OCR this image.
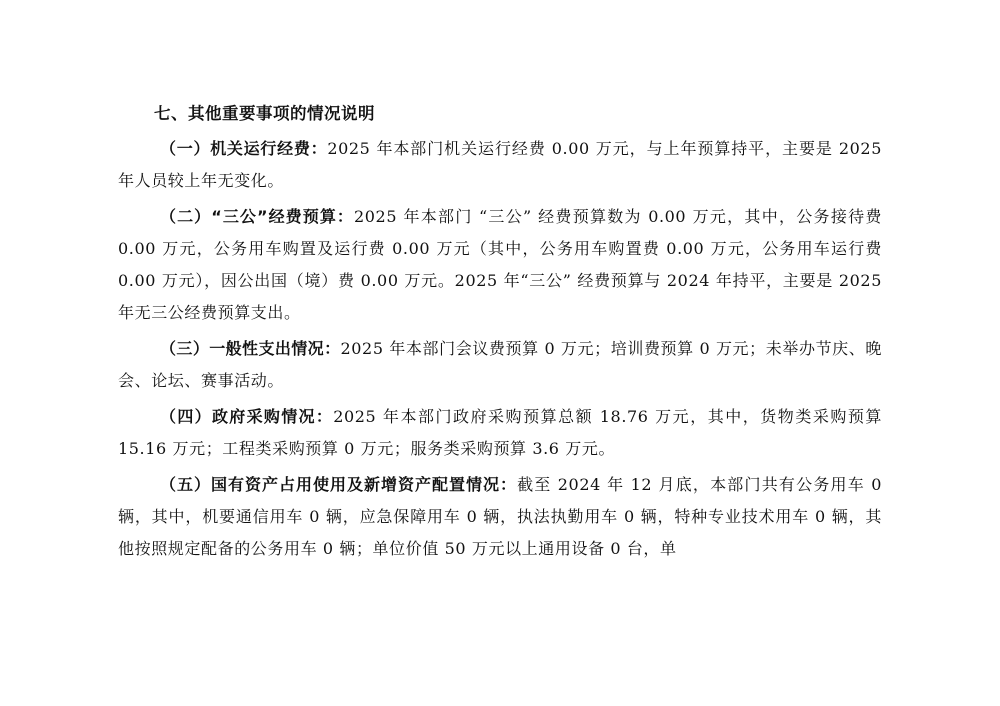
七、其他重要事项的情况说明

（一）机关运行经费：2025 年本部门机关运行经费 0.00 万元，与上年预算持平，主要是 2025 年人员较上年无变化。

（二）“三公”经费预算：2025 年本部门 “三公” 经费预算数为 0.00 万元，其中，公务接待费 0.00 万元，公务用车购置及运行费 0.00 万元（其中，公务用车购置费 0.00 万元，公务用车运行费 0.00 万元），因公出国（境）费 0.00 万元。2025 年“三公” 经费预算与 2024 年持平，主要是 2025 年无三公经费预算支出。

（三）一般性支出情况：2025 年本部门会议费预算 0 万元；培训费预算 0 万元；未举办节庆、晚会、论坛、赛事活动。

（四）政府采购情况：2025 年本部门政府采购预算总额 18.76 万元，其中，货物类采购预算 15.16 万元；工程类采购预算 0 万元；服务类采购预算 3.6 万元。

（五）国有资产占用使用及新增资产配置情况：截至 2024 年 12 月底，本部门共有公务用车 0 辆，其中，机要通信用车 0 辆，应急保障用车 0 辆，执法执勤用车 0 辆，特种专业技术用车 0 辆，其他按照规定配备的公务用车 0 辆；单位价值 50 万元以上通用设备 0 台，单
